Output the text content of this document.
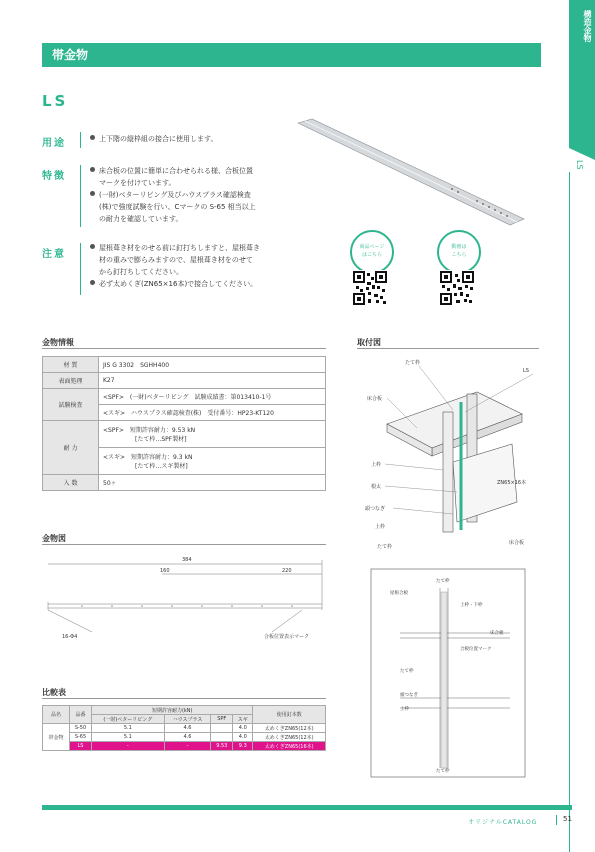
帯金物
構造金物
LS
LS
用途	上下階の縦枠組の接合に使用します。
特徴	床合板の位置に簡単に合わせられる様、合板位置
マークを付けています。
(一財)ベターリビング及びハウスプラス確認検査
(株)で強度試験を行い、Cマークの S-65 相当以上
の耐力を確認しています。
注意
屋根葺き材をのせる前に釘打ちしますと、屋根葺き
材の重みで膨らみますので、屋根葺き材をのせて
から釘打ちしてください。
必ず太めくぎ(ZN65×16本)で接合してください。
商品ページ
はこちら
動画は
こちら
金物情報
材 質	JIS G 3302　SGHH400
表面処理	K27
試験検査	<SPF>　(一財)ベターリビング　試験成績書：第013410-1号
	<スギ>　ハウスプラス確認検査(株)　受付番号：HP23-KT120
耐 力	<SPF>　短期許容耐力：9.53 kN
[たて枠…SPF製材]

	<スギ>　短期許容耐力：9.3 kN
[たて枠…スギ製材]

入 数	50ヶ
取付図
たて枠
LS
床合板
上枠
根太
頭つなぎ
上枠
たて枠
ZN65×16本
床合板
金物図
384
160	220
16-Φ4	合板位置表示マーク
たて枠
屋根合板
上枠・下枠
合板位置マーク
たて枠
床合板
頭つなぎ
上枠
たて枠
比較表
品名	品番	短期許容耐力(kN)				使用釘本数
		(一財)ベターリビング	ハウスプラス	SPF	スギ	
帯金物	S-50	5.1	4.6		4.0	太めくぎZN65(12本)
	S-65	5.1	4.6		4.0	太めくぎZN65(12本)
	LS	-	-	9.53	9.3	太めくぎZN65(16本)
オリジナルCATALOG	51
